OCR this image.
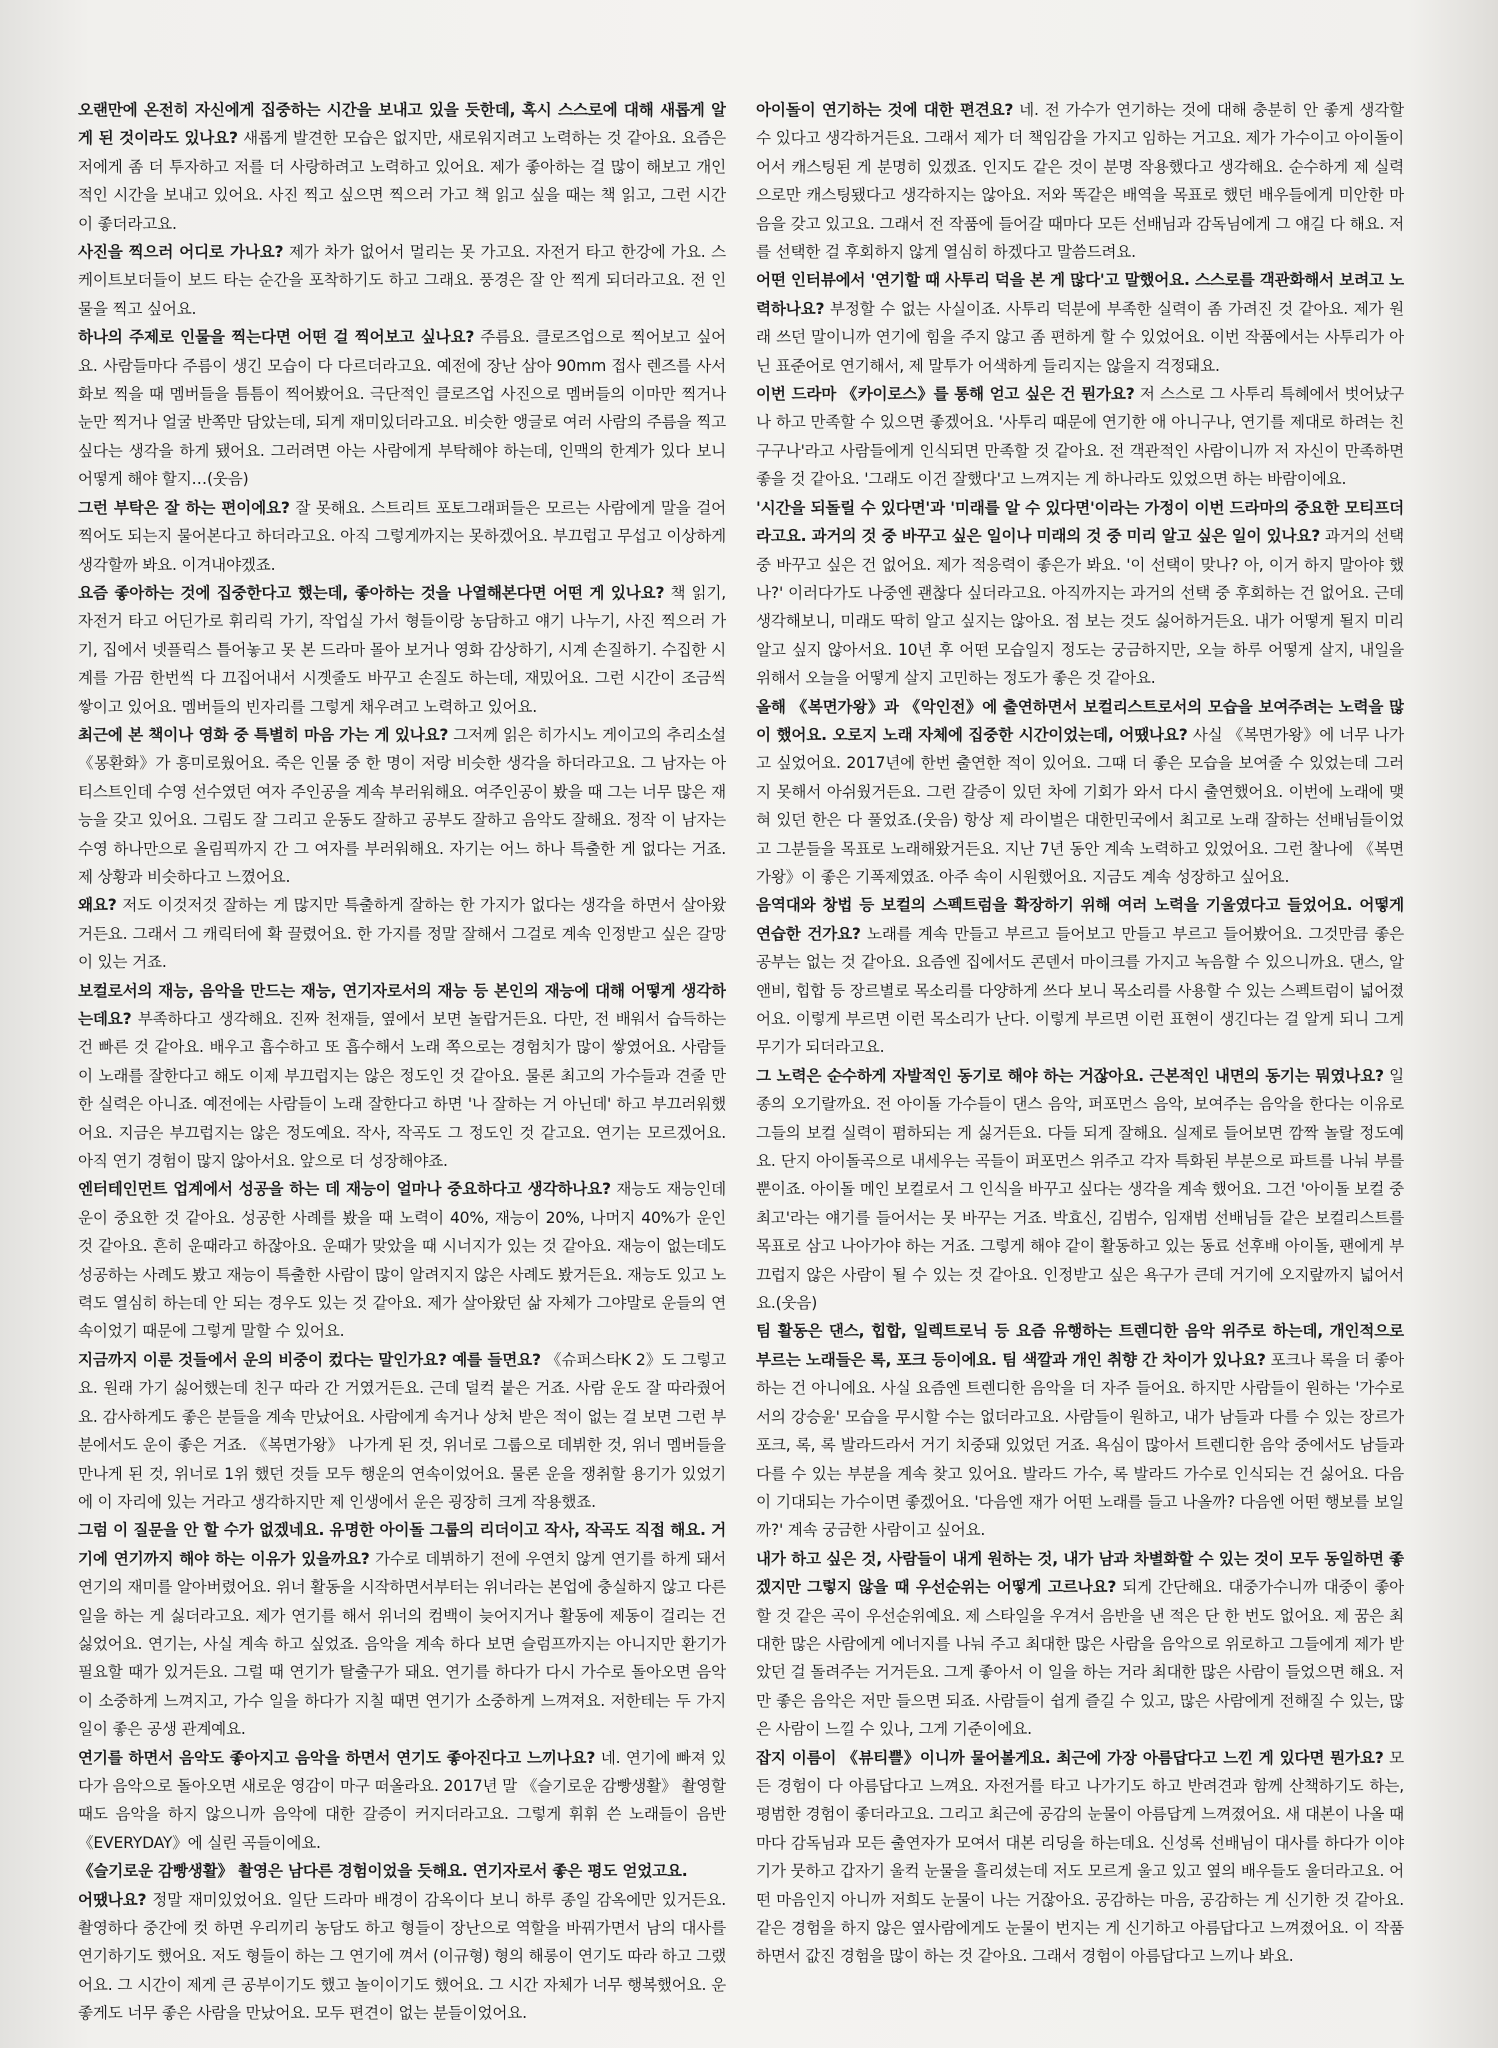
오랜만에 온전히 자신에게 집중하는 시간을 보내고 있을 듯한데, 혹시 스스로에 대해 새롭게 알게 된 것이라도 있나요? 새롭게 발견한 모습은 없지만, 새로워지려고 노력하는 것 같아요. 요즘은 저에게 좀 더 투자하고 저를 더 사랑하려고 노력하고 있어요. 제가 좋아하는 걸 많이 해보고 개인적인 시간을 보내고 있어요. 사진 찍고 싶으면 찍으러 가고 책 읽고 싶을 때는 책 읽고, 그런 시간이 좋더라고요.

사진을 찍으러 어디로 가나요? 제가 차가 없어서 멀리는 못 가고요. 자전거 타고 한강에 가요. 스케이트보더들이 보드 타는 순간을 포착하기도 하고 그래요. 풍경은 잘 안 찍게 되더라고요. 전 인물을 찍고 싶어요.

하나의 주제로 인물을 찍는다면 어떤 걸 찍어보고 싶나요? 주름요. 클로즈업으로 찍어보고 싶어요. 사람들마다 주름이 생긴 모습이 다 다르더라고요. 예전에 장난 삼아 90mm 접사 렌즈를 사서 화보 찍을 때 멤버들을 틈틈이 찍어봤어요. 극단적인 클로즈업 사진으로 멤버들의 이마만 찍거나 눈만 찍거나 얼굴 반쪽만 담았는데, 되게 재미있더라고요. 비슷한 앵글로 여러 사람의 주름을 찍고 싶다는 생각을 하게 됐어요. 그러려면 아는 사람에게 부탁해야 하는데, 인맥의 한계가 있다 보니 어떻게 해야 할지…(웃음)

그런 부탁은 잘 하는 편이에요? 잘 못해요. 스트리트 포토그래퍼들은 모르는 사람에게 말을 걸어 찍어도 되는지 물어본다고 하더라고요. 아직 그렇게까지는 못하겠어요. 부끄럽고 무섭고 이상하게 생각할까 봐요. 이겨내야겠죠.

요즘 좋아하는 것에 집중한다고 했는데, 좋아하는 것을 나열해본다면 어떤 게 있나요? 책 읽기, 자전거 타고 어딘가로 휘리릭 가기, 작업실 가서 형들이랑 농담하고 얘기 나누기, 사진 찍으러 가기, 집에서 넷플릭스 틀어놓고 못 본 드라마 몰아 보거나 영화 감상하기, 시계 손질하기. 수집한 시계를 가끔 한번씩 다 끄집어내서 시곗줄도 바꾸고 손질도 하는데, 재밌어요. 그런 시간이 조금씩 쌓이고 있어요. 멤버들의 빈자리를 그렇게 채우려고 노력하고 있어요.

최근에 본 책이나 영화 중 특별히 마음 가는 게 있나요? 그저께 읽은 히가시노 게이고의 추리소설 《몽환화》가 흥미로웠어요. 죽은 인물 중 한 명이 저랑 비슷한 생각을 하더라고요. 그 남자는 아티스트인데 수영 선수였던 여자 주인공을 계속 부러워해요. 여주인공이 봤을 때 그는 너무 많은 재능을 갖고 있어요. 그림도 잘 그리고 운동도 잘하고 공부도 잘하고 음악도 잘해요. 정작 이 남자는 수영 하나만으로 올림픽까지 간 그 여자를 부러워해요. 자기는 어느 하나 특출한 게 없다는 거죠. 제 상황과 비슷하다고 느꼈어요.

왜요? 저도 이것저것 잘하는 게 많지만 특출하게 잘하는 한 가지가 없다는 생각을 하면서 살아왔거든요. 그래서 그 캐릭터에 확 끌렸어요. 한 가지를 정말 잘해서 그걸로 계속 인정받고 싶은 갈망이 있는 거죠.

보컬로서의 재능, 음악을 만드는 재능, 연기자로서의 재능 등 본인의 재능에 대해 어떻게 생각하는데요? 부족하다고 생각해요. 진짜 천재들, 옆에서 보면 놀랍거든요. 다만, 전 배워서 습득하는 건 빠른 것 같아요. 배우고 흡수하고 또 흡수해서 노래 쪽으로는 경험치가 많이 쌓였어요. 사람들이 노래를 잘한다고 해도 이제 부끄럽지는 않은 정도인 것 같아요. 물론 최고의 가수들과 견줄 만한 실력은 아니죠. 예전에는 사람들이 노래 잘한다고 하면 '나 잘하는 거 아닌데' 하고 부끄러워했어요. 지금은 부끄럽지는 않은 정도예요. 작사, 작곡도 그 정도인 것 같고요. 연기는 모르겠어요. 아직 연기 경험이 많지 않아서요. 앞으로 더 성장해야죠.

엔터테인먼트 업계에서 성공을 하는 데 재능이 얼마나 중요하다고 생각하나요? 재능도 재능인데 운이 중요한 것 같아요. 성공한 사례를 봤을 때 노력이 40%, 재능이 20%, 나머지 40%가 운인 것 같아요. 흔히 운때라고 하잖아요. 운때가 맞았을 때 시너지가 있는 것 같아요. 재능이 없는데도 성공하는 사례도 봤고 재능이 특출한 사람이 많이 알려지지 않은 사례도 봤거든요. 재능도 있고 노력도 열심히 하는데 안 되는 경우도 있는 것 같아요. 제가 살아왔던 삶 자체가 그야말로 운들의 연속이었기 때문에 그렇게 말할 수 있어요.

지금까지 이룬 것들에서 운의 비중이 컸다는 말인가요? 예를 들면요? 《슈퍼스타K 2》도 그렇고요. 원래 가기 싫어했는데 친구 따라 간 거였거든요. 근데 덜컥 붙은 거죠. 사람 운도 잘 따라줬어요. 감사하게도 좋은 분들을 계속 만났어요. 사람에게 속거나 상처 받은 적이 없는 걸 보면 그런 부분에서도 운이 좋은 거죠. 《복면가왕》 나가게 된 것, 위너로 그룹으로 데뷔한 것, 위너 멤버들을 만나게 된 것, 위너로 1위 했던 것들 모두 행운의 연속이었어요. 물론 운을 쟁취할 용기가 있었기에 이 자리에 있는 거라고 생각하지만 제 인생에서 운은 굉장히 크게 작용했죠.

그럼 이 질문을 안 할 수가 없겠네요. 유명한 아이돌 그룹의 리더이고 작사, 작곡도 직접 해요. 거기에 연기까지 해야 하는 이유가 있을까요? 가수로 데뷔하기 전에 우연치 않게 연기를 하게 돼서 연기의 재미를 알아버렸어요. 위너 활동을 시작하면서부터는 위너라는 본업에 충실하지 않고 다른 일을 하는 게 싫더라고요. 제가 연기를 해서 위너의 컴백이 늦어지거나 활동에 제동이 걸리는 건 싫었어요. 연기는, 사실 계속 하고 싶었죠. 음악을 계속 하다 보면 슬럼프까지는 아니지만 환기가 필요할 때가 있거든요. 그럴 때 연기가 탈출구가 돼요. 연기를 하다가 다시 가수로 돌아오면 음악이 소중하게 느껴지고, 가수 일을 하다가 지칠 때면 연기가 소중하게 느껴져요. 저한테는 두 가지 일이 좋은 공생 관계예요.

연기를 하면서 음악도 좋아지고 음악을 하면서 연기도 좋아진다고 느끼나요? 네. 연기에 빠져 있다가 음악으로 돌아오면 새로운 영감이 마구 떠올라요. 2017년 말 《슬기로운 감빵생활》 촬영할 때도 음악을 하지 않으니까 음악에 대한 갈증이 커지더라고요. 그렇게 휘휘 쓴 노래들이 음반 《EVERYDAY》에 실린 곡들이에요.

《슬기로운 감빵생활》 촬영은 남다른 경험이었을 듯해요. 연기자로서 좋은 평도 얻었고요.

어땠나요? 정말 재미있었어요. 일단 드라마 배경이 감옥이다 보니 하루 종일 감옥에만 있거든요. 촬영하다 중간에 컷 하면 우리끼리 농담도 하고 형들이 장난으로 역할을 바꿔가면서 남의 대사를 연기하기도 했어요. 저도 형들이 하는 그 연기에 껴서 (이규형) 형의 해롱이 연기도 따라 하고 그랬어요. 그 시간이 제게 큰 공부이기도 했고 놀이이기도 했어요. 그 시간 자체가 너무 행복했어요. 운 좋게도 너무 좋은 사람을 만났어요. 모두 편견이 없는 분들이었어요.

아이돌이 연기하는 것에 대한 편견요? 네. 전 가수가 연기하는 것에 대해 충분히 안 좋게 생각할 수 있다고 생각하거든요. 그래서 제가 더 책임감을 가지고 임하는 거고요. 제가 가수이고 아이돌이어서 캐스팅된 게 분명히 있겠죠. 인지도 같은 것이 분명 작용했다고 생각해요. 순수하게 제 실력으로만 캐스팅됐다고 생각하지는 않아요. 저와 똑같은 배역을 목표로 했던 배우들에게 미안한 마음을 갖고 있고요. 그래서 전 작품에 들어갈 때마다 모든 선배님과 감독님에게 그 얘길 다 해요. 저를 선택한 걸 후회하지 않게 열심히 하겠다고 말씀드려요.

어떤 인터뷰에서 '연기할 때 사투리 덕을 본 게 많다'고 말했어요. 스스로를 객관화해서 보려고 노력하나요? 부정할 수 없는 사실이죠. 사투리 덕분에 부족한 실력이 좀 가려진 것 같아요. 제가 원래 쓰던 말이니까 연기에 힘을 주지 않고 좀 편하게 할 수 있었어요. 이번 작품에서는 사투리가 아닌 표준어로 연기해서, 제 말투가 어색하게 들리지는 않을지 걱정돼요.

이번 드라마 《카이로스》를 통해 얻고 싶은 건 뭔가요? 저 스스로 그 사투리 특혜에서 벗어났구나 하고 만족할 수 있으면 좋겠어요. '사투리 때문에 연기한 애 아니구나, 연기를 제대로 하려는 친구구나'라고 사람들에게 인식되면 만족할 것 같아요. 전 객관적인 사람이니까 저 자신이 만족하면 좋을 것 같아요. '그래도 이건 잘했다'고 느껴지는 게 하나라도 있었으면 하는 바람이에요.

'시간을 되돌릴 수 있다면'과 '미래를 알 수 있다면'이라는 가정이 이번 드라마의 중요한 모티프더라고요. 과거의 것 중 바꾸고 싶은 일이나 미래의 것 중 미리 알고 싶은 일이 있나요? 과거의 선택 중 바꾸고 싶은 건 없어요. 제가 적응력이 좋은가 봐요. '이 선택이 맞나? 아, 이거 하지 말아야 했나?' 이러다가도 나중엔 괜찮다 싶더라고요. 아직까지는 과거의 선택 중 후회하는 건 없어요. 근데 생각해보니, 미래도 딱히 알고 싶지는 않아요. 점 보는 것도 싫어하거든요. 내가 어떻게 될지 미리 알고 싶지 않아서요. 10년 후 어떤 모습일지 정도는 궁금하지만, 오늘 하루 어떻게 살지, 내일을 위해서 오늘을 어떻게 살지 고민하는 정도가 좋은 것 같아요.

올해 《복면가왕》과 《악인전》에 출연하면서 보컬리스트로서의 모습을 보여주려는 노력을 많이 했어요. 오로지 노래 자체에 집중한 시간이었는데, 어땠나요? 사실 《복면가왕》에 너무 나가고 싶었어요. 2017년에 한번 출연한 적이 있어요. 그때 더 좋은 모습을 보여줄 수 있었는데 그러지 못해서 아쉬웠거든요. 그런 갈증이 있던 차에 기회가 와서 다시 출연했어요. 이번에 노래에 맺혀 있던 한은 다 풀었죠.(웃음) 항상 제 라이벌은 대한민국에서 최고로 노래 잘하는 선배님들이었고 그분들을 목표로 노래해왔거든요. 지난 7년 동안 계속 노력하고 있었어요. 그런 찰나에 《복면가왕》이 좋은 기폭제였죠. 아주 속이 시원했어요. 지금도 계속 성장하고 싶어요.

음역대와 창법 등 보컬의 스펙트럼을 확장하기 위해 여러 노력을 기울였다고 들었어요. 어떻게 연습한 건가요? 노래를 계속 만들고 부르고 들어보고 만들고 부르고 들어봤어요. 그것만큼 좋은 공부는 없는 것 같아요. 요즘엔 집에서도 콘덴서 마이크를 가지고 녹음할 수 있으니까요. 댄스, 알앤비, 힙합 등 장르별로 목소리를 다양하게 쓰다 보니 목소리를 사용할 수 있는 스펙트럼이 넓어졌어요. 이렇게 부르면 이런 목소리가 난다. 이렇게 부르면 이런 표현이 생긴다는 걸 알게 되니 그게 무기가 되더라고요.

그 노력은 순수하게 자발적인 동기로 해야 하는 거잖아요. 근본적인 내면의 동기는 뭐였나요? 일종의 오기랄까요. 전 아이돌 가수들이 댄스 음악, 퍼포먼스 음악, 보여주는 음악을 한다는 이유로 그들의 보컬 실력이 폄하되는 게 싫거든요. 다들 되게 잘해요. 실제로 들어보면 깜짝 놀랄 정도예요. 단지 아이돌곡으로 내세우는 곡들이 퍼포먼스 위주고 각자 특화된 부분으로 파트를 나눠 부를 뿐이죠. 아이돌 메인 보컬로서 그 인식을 바꾸고 싶다는 생각을 계속 했어요. 그건 '아이돌 보컬 중 최고'라는 얘기를 들어서는 못 바꾸는 거죠. 박효신, 김범수, 임재범 선배님들 같은 보컬리스트를 목표로 삼고 나아가야 하는 거죠. 그렇게 해야 같이 활동하고 있는 동료 선후배 아이돌, 팬에게 부끄럽지 않은 사람이 될 수 있는 것 같아요. 인정받고 싶은 욕구가 큰데 거기에 오지랖까지 넓어서요.(웃음)

팀 활동은 댄스, 힙합, 일렉트로닉 등 요즘 유행하는 트렌디한 음악 위주로 하는데, 개인적으로 부르는 노래들은 록, 포크 등이에요. 팀 색깔과 개인 취향 간 차이가 있나요? 포크나 록을 더 좋아하는 건 아니에요. 사실 요즘엔 트렌디한 음악을 더 자주 들어요. 하지만 사람들이 원하는 '가수로서의 강승윤' 모습을 무시할 수는 없더라고요. 사람들이 원하고, 내가 남들과 다를 수 있는 장르가 포크, 록, 록 발라드라서 거기 치중돼 있었던 거죠. 욕심이 많아서 트렌디한 음악 중에서도 남들과 다를 수 있는 부분을 계속 찾고 있어요. 발라드 가수, 록 발라드 가수로 인식되는 건 싫어요. 다음이 기대되는 가수이면 좋겠어요. '다음엔 재가 어떤 노래를 들고 나올까? 다음엔 어떤 행보를 보일까?' 계속 궁금한 사람이고 싶어요.

내가 하고 싶은 것, 사람들이 내게 원하는 것, 내가 남과 차별화할 수 있는 것이 모두 동일하면 좋겠지만 그렇지 않을 때 우선순위는 어떻게 고르나요? 되게 간단해요. 대중가수니까 대중이 좋아할 것 같은 곡이 우선순위예요. 제 스타일을 우겨서 음반을 낸 적은 단 한 번도 없어요. 제 꿈은 최대한 많은 사람에게 에너지를 나눠 주고 최대한 많은 사람을 음악으로 위로하고 그들에게 제가 받았던 걸 돌려주는 거거든요. 그게 좋아서 이 일을 하는 거라 최대한 많은 사람이 들었으면 해요. 저만 좋은 음악은 저만 들으면 되죠. 사람들이 쉽게 즐길 수 있고, 많은 사람에게 전해질 수 있는, 많은 사람이 느낄 수 있나, 그게 기준이에요.

잡지 이름이 《뷰티쁠》이니까 물어볼게요. 최근에 가장 아름답다고 느낀 게 있다면 뭔가요? 모든 경험이 다 아름답다고 느껴요. 자전거를 타고 나가기도 하고 반려견과 함께 산책하기도 하는, 평범한 경험이 좋더라고요. 그리고 최근에 공감의 눈물이 아름답게 느껴졌어요. 새 대본이 나올 때마다 감독님과 모든 출연자가 모여서 대본 리딩을 하는데요. 신성록 선배님이 대사를 하다가 이야기가 뭇하고 갑자기 울컥 눈물을 흘리셨는데 저도 모르게 울고 있고 옆의 배우들도 울더라고요. 어떤 마음인지 아니까 저희도 눈물이 나는 거잖아요. 공감하는 마음, 공감하는 게 신기한 것 같아요. 같은 경험을 하지 않은 옆사람에게도 눈물이 번지는 게 신기하고 아름답다고 느껴졌어요. 이 작품 하면서 값진 경험을 많이 하는 것 같아요. 그래서 경험이 아름답다고 느끼나 봐요.
